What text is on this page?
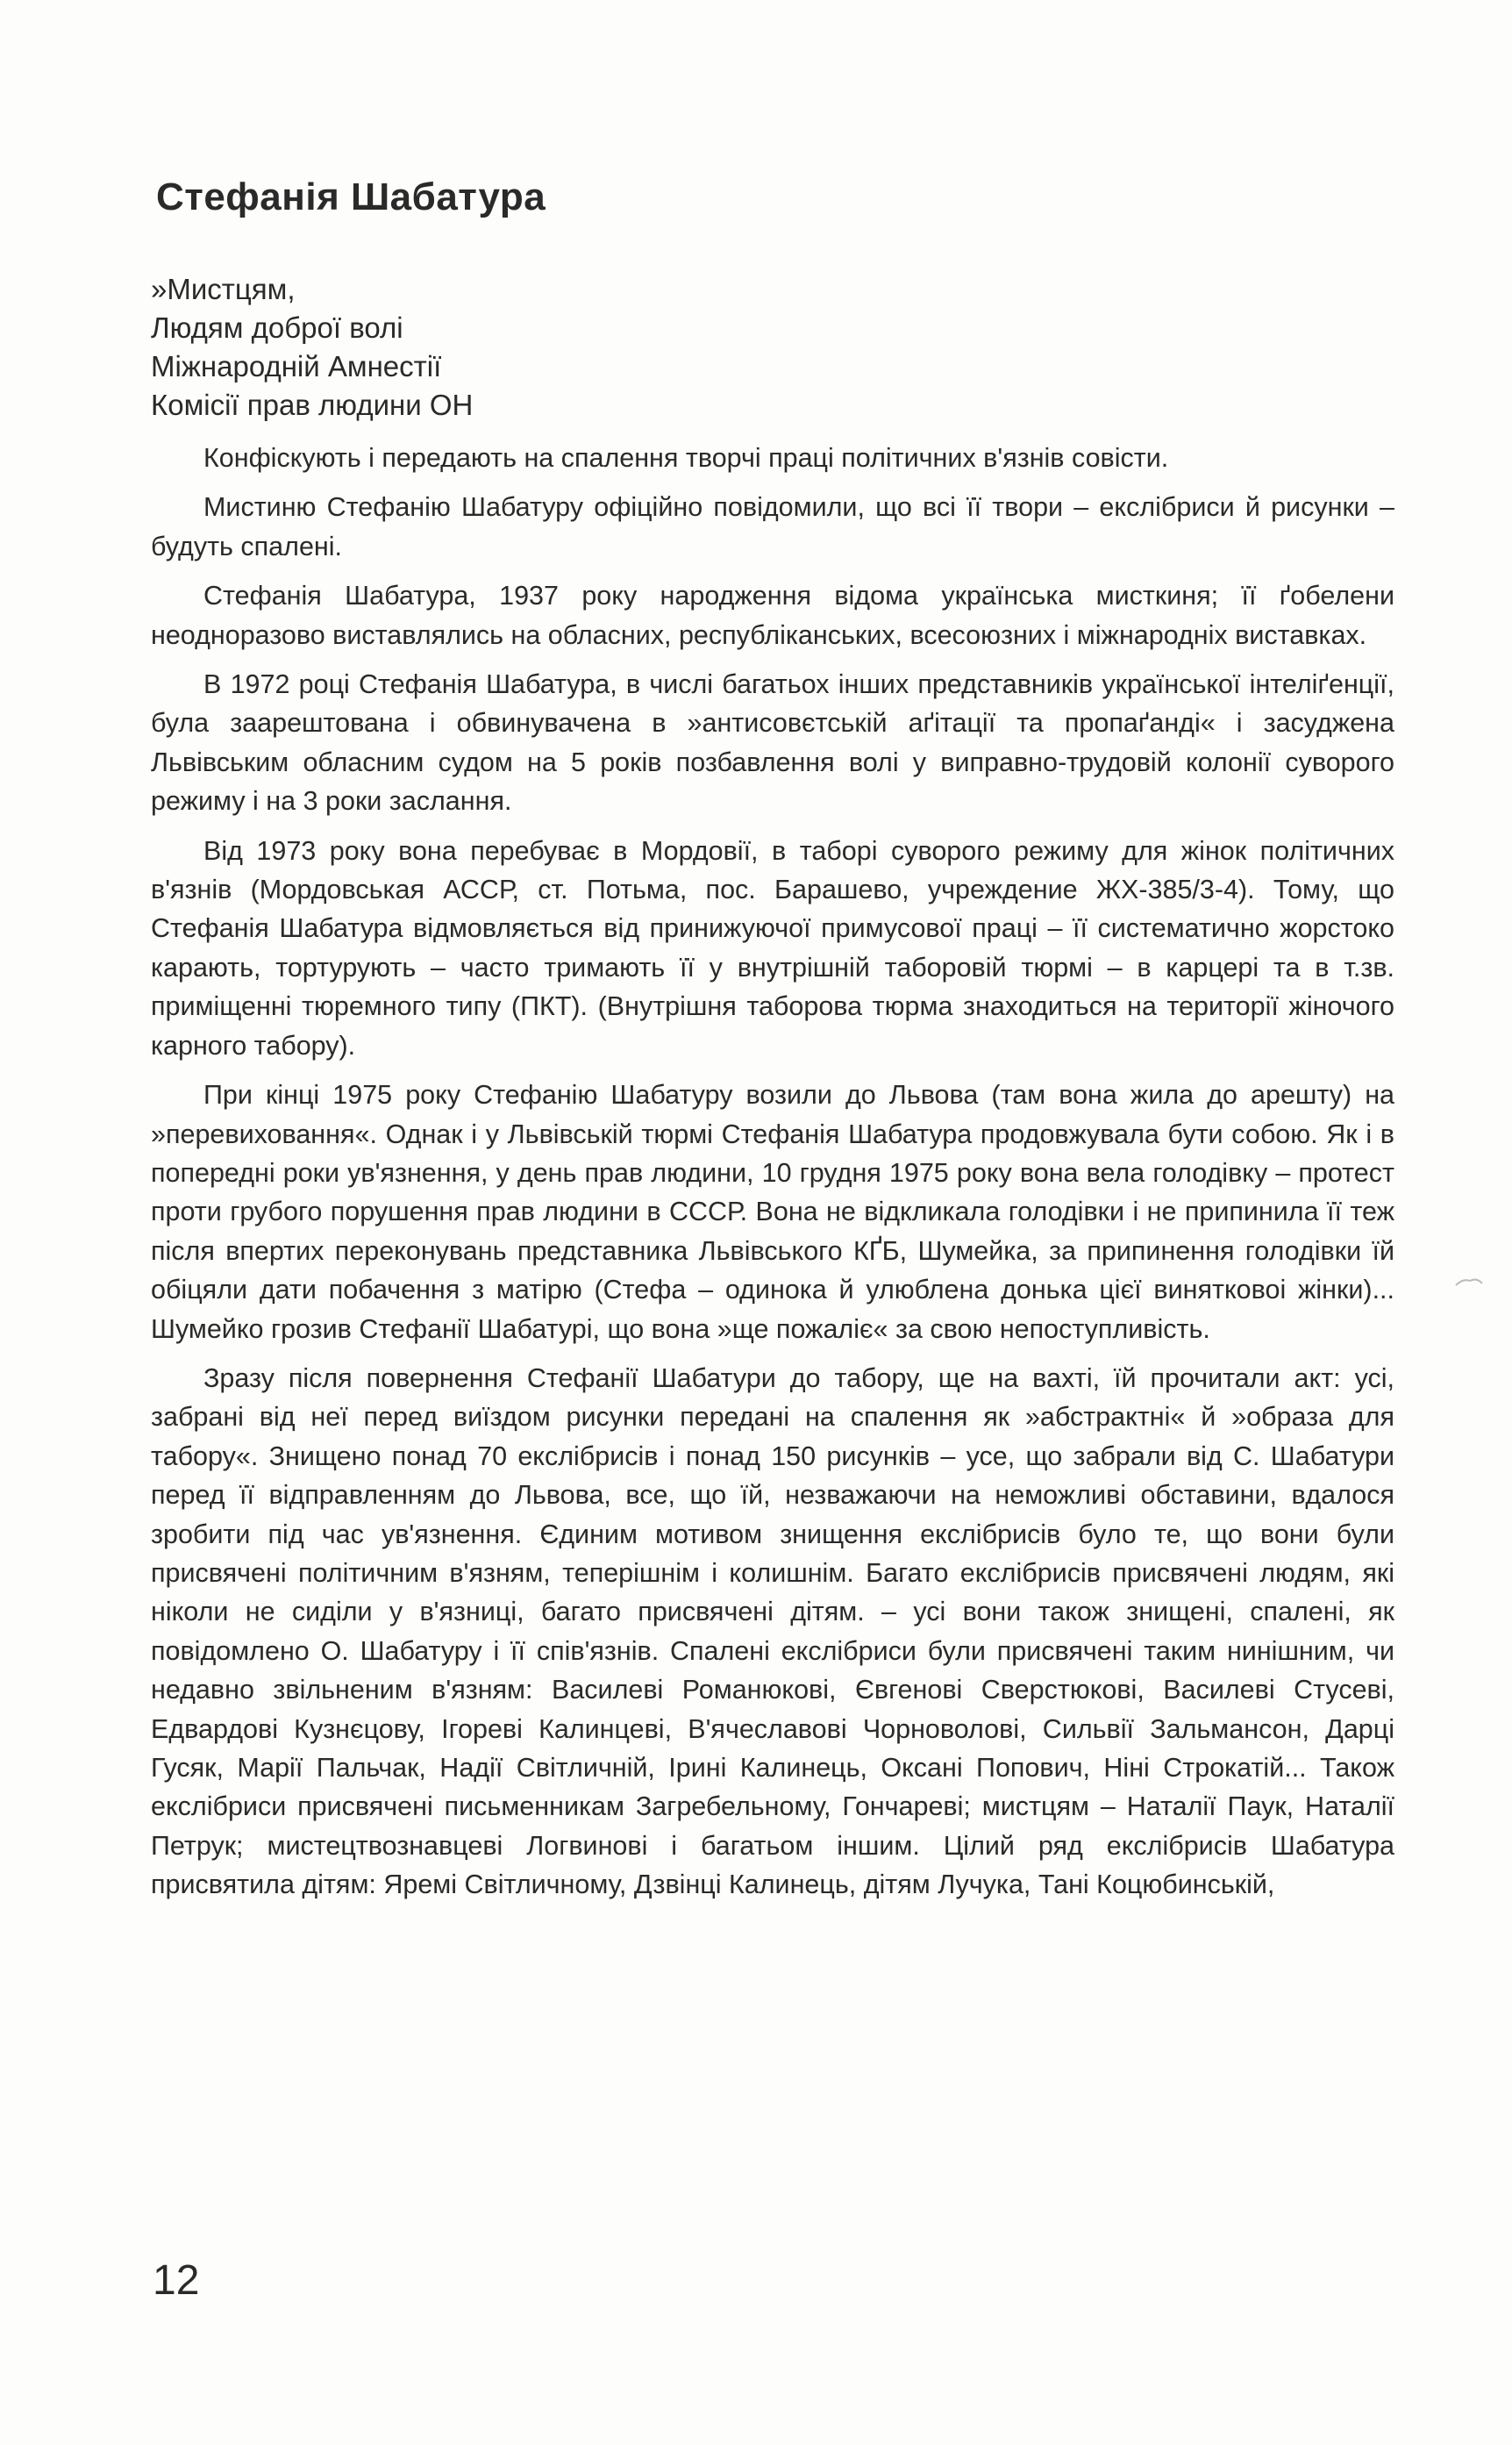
Стефанія Шабатура
»Мистцям,
Людям доброї волі
Міжнародній Амнестії
Комісії прав людини ОН

Конфіскують і передають на спалення творчі праці політичних в'язнів совісти.

Мистиню Стефанію Шабатуру офіційно повідомили, що всі її твори – екслібриси й рисунки – будуть спалені.

Стефанія Шабатура, 1937 року народження відома українська мисткиня; її ґобелени неодноразово виставлялись на обласних, республіканських, всесоюзних і міжнародніх виставках.

В 1972 році Стефанія Шабатура, в числі багатьох інших представників української інтеліґенції, була заарештована і обвинувачена в »антисовєтській аґітації та пропаґанді« і засуджена Львівським обласним судом на 5 років позбавлення волі у виправно-трудовій колонії суворого режиму і на 3 роки заслання.

Від 1973 року вона перебуває в Мордовії, в таборі суворого режиму для жінок політичних в'язнів (Мордовськая АССР, ст. Потьма, пос. Барашево, учреждение ЖХ-385/3-4). Тому, що Стефанія Шабатура відмовляється від принижуючої примусової праці – її систематично жорстоко карають, тортурують – часто тримають її у внутрішній табoровій тюрмі – в карцері та в т.зв. приміщенні тюремного типу (ПКТ). (Внутрішня таборова тюрма знаходиться на території жіночого карного табору).

При кінці 1975 року Стефанію Шабатуру возили до Львова (там вона жила до арешту) на »перевиховання«. Однак і у Львівській тюрмі Стефанія Шабатура продовжувала бути собою. Як і в попередні роки ув'язнення, у день прав людини, 10 грудня 1975 року вона вела голодівку – протест проти грубого порушення прав людини в СССР. Вона не відкликала голодівки і не припинила її теж після впертих переконувань представника Львівського КҐБ, Шумейка, за припинення голодівки їй обіцяли дати побачення з матірю (Стефа – одинока й улюблена донька цієї винятковоі жінки)... Шумейко грозив Стефанії Шабатурі, що вона »ще пожаліє« за свою непоступливість.

Зразу після повернення Стефанії Шабатури до табору, ще на вахті, їй прочитали акт: усі, забрані від неї перед виїздом рисунки передані на спалення як »абстрактні« й »образа для табору«. Знищено понад 70 екслібрисів і понад 150 рисунків – усе, що забрали від С. Шабатури перед її відправленням до Львова, все, що їй, незважаючи на неможливі обставини, вдалося зробити під час ув'язнення. Єдиним мотивом знищення екслібрисів було те, що вони були присвячені політичним в'язням, теперішнім і колишнім. Багато екслібрисів присвячені людям, які ніколи не сиділи у в'язниці, багато присвячені дітям. – усі вони також знищені, спалені, як повідомлено О. Шабатуру і її спів'язнів. Спалені екслібриси були присвячені таким нинішним, чи недавно звільненим в'язням: Василеві Романюкові, Євгенові Сверстюкові, Василеві Стусеві, Едвардові Кузнєцову, Ігореві Калинцеві, В'ячеславові Чорноволові, Сильвії Зальмансон, Дарці Гусяк, Марії Пальчак, Надії Світличній, Ірині Калинець, Оксані Попович, Ніні Строкатій... Також екслібриси присвячені письменникам Загребельному, Гончареві; мистцям – Наталії Паук, Наталії Петрук; мистецтвознавцеві Логвинові і багатьом іншим. Цілий ряд екслібрисів Шабатура присвятила дітям: Яремі Світличному, Дзвінці Калинець, дітям Лучука, Тані Коцюбинській,

12
